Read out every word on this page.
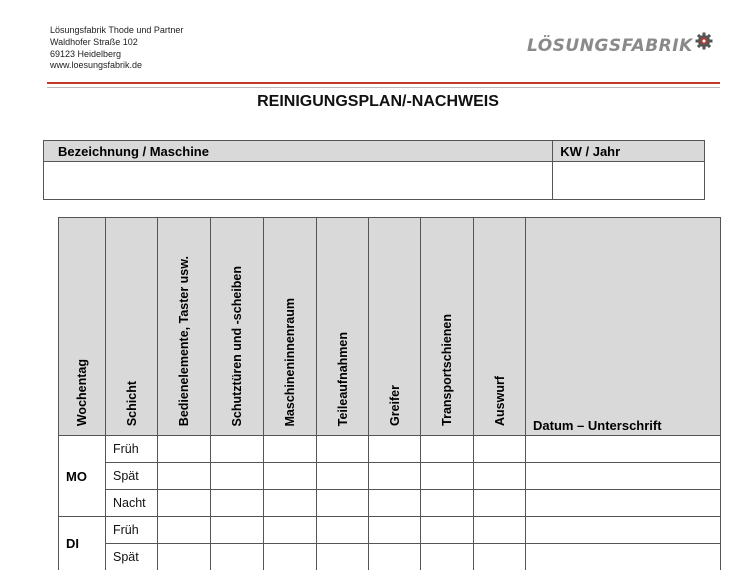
Lösungsfabrik Thode und Partner
Waldhofer Straße 102
69123 Heidelberg
www.loesungsfabrik.de
LÖSUNGSFABRIK
REINIGUNGSPLAN/-NACHWEIS
Bezeichnung / Maschine	KW / Jahr

Wochentag	Schicht	Bedienelemente, Taster usw.	Schutztüren und -scheiben	Maschineninnenraum	Teileaufnahmen	Greifer	Transportschienen	Auswurf	Datum – Unterschrift
MO	Früh								
	Spät								
	Nacht								
DI	Früh								
	Spät								
